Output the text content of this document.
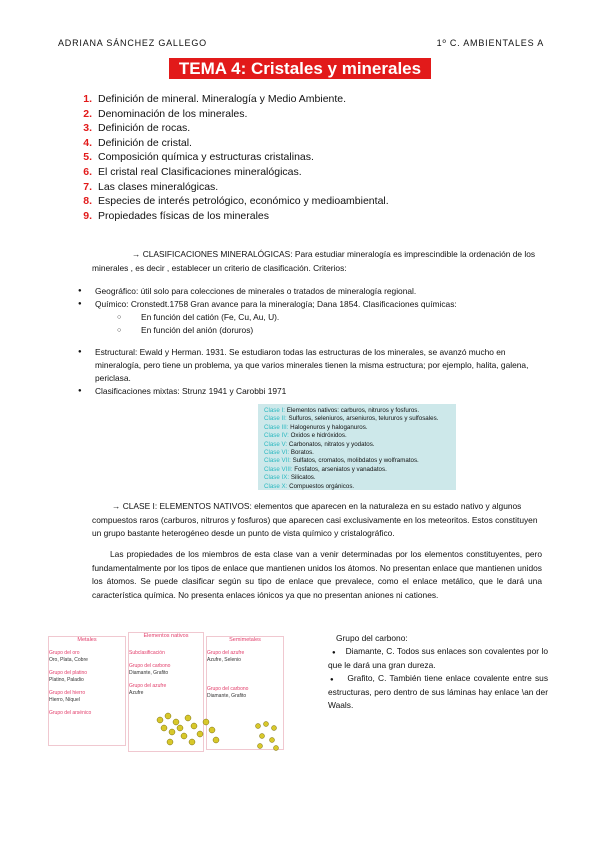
ADRIANA SÁNCHEZ GALLEGO	1º C. AMBIENTALES A
TEMA 4: Cristales y minerales
1. Definición de mineral. Mineralogía y Medio Ambiente.
2. Denominación de los minerales.
3. Definición de rocas.
4. Definición de cristal.
5. Composición química y estructuras cristalinas.
6. El cristal real Clasificaciones mineralógicas.
7. Las clases mineralógicas.
8. Especies de interés petrológico, económico y medioambiental.
9. Propiedades físicas de los minerales
→ CLASIFICACIONES MINERALÓGICAS: Para estudiar mineralogía es imprescindible la ordenación de los minerales , es decir , establecer un criterio de clasificación. Criterios:
● Geográfico: útil solo para colecciones de minerales o tratados de mineralogía regional.
● Químico: Cronstedt.1758 Gran avance para la mineralogía; Dana 1854. Clasificaciones químicas:
○ En función del catión (Fe, Cu, Au, U).
○ En función del anión (doruros)
● Estructural: Ewald y Herman. 1931. Se estudiaron todas las estructuras de los minerales, se avanzó mucho en mineralogía, pero tiene un problema, ya que varios minerales tienen la misma estructura; por ejemplo, halita, galena, periclasa.
● Clasificaciones mixtas: Strunz 1941 y Carobbi 1971
Clase I: Elementos nativos: carburos, nitruros y fosfuros.
Clase II: Sulfuros, seleniuros, arseniuros, telururos y sulfosales.
Clase III: Halogenuros y haloganuros.
Clase IV: Oxidos e hidróxidos.
Clase V: Carbonatos, nitratos y yodatos.
Clase VI: Boratos.
Clase VII: Sulfatos, cromatos, molibdatos y wolframatos.
Clase VIII: Fosfatos, arseniatos y vanadatos.
Clase IX: Silicatos.
Clase X: Compuestos orgánicos.
→ CLASE I: ELEMENTOS NATIVOS: elementos que aparecen en la naturaleza en su estado nativo y algunos compuestos raros (carburos, nitruros y fosfuros) que aparecen casi exclusivamente en los meteoritos. Estos constituyen un grupo bastante heterogéneo desde un punto de vista químico y cristalográfico.
Las propiedades de los miembros de esta clase van a venir determinadas por los elementos constituyentes, pero fundamentalmente por los tipos de enlace que mantienen unidos los átomos. No presentan enlace que mantienen unidos los átomos. Se puede clasificar según su tipo de enlace que prevalece, como el enlace metálico, que le dará una característica química. No presenta enlaces iónicos ya que no presentan aniones ni cationes.
Metales
Grupo del oro
Oro, Plata, Cobre
Grupo del platino
Platino, Paladio
Grupo del hierro
Hierro, Níquel
Grupo del arsénico
Elementos nativos
Subclasificación
Grupo del carbono
Diamante, Grafito
Grupo del azufre
Azufre
Semimetales
Grupo del azufre
Azufre, Selenio
Grupo del carbono
Diamante, Grafito
Grupo del carbono:
● Diamante, C. Todos sus enlaces son covalentes por lo que le dará una gran dureza.
● Grafito, C. También tiene enlace covalente entre sus estructuras, pero dentro de sus láminas hay enlace \an der Waals.
